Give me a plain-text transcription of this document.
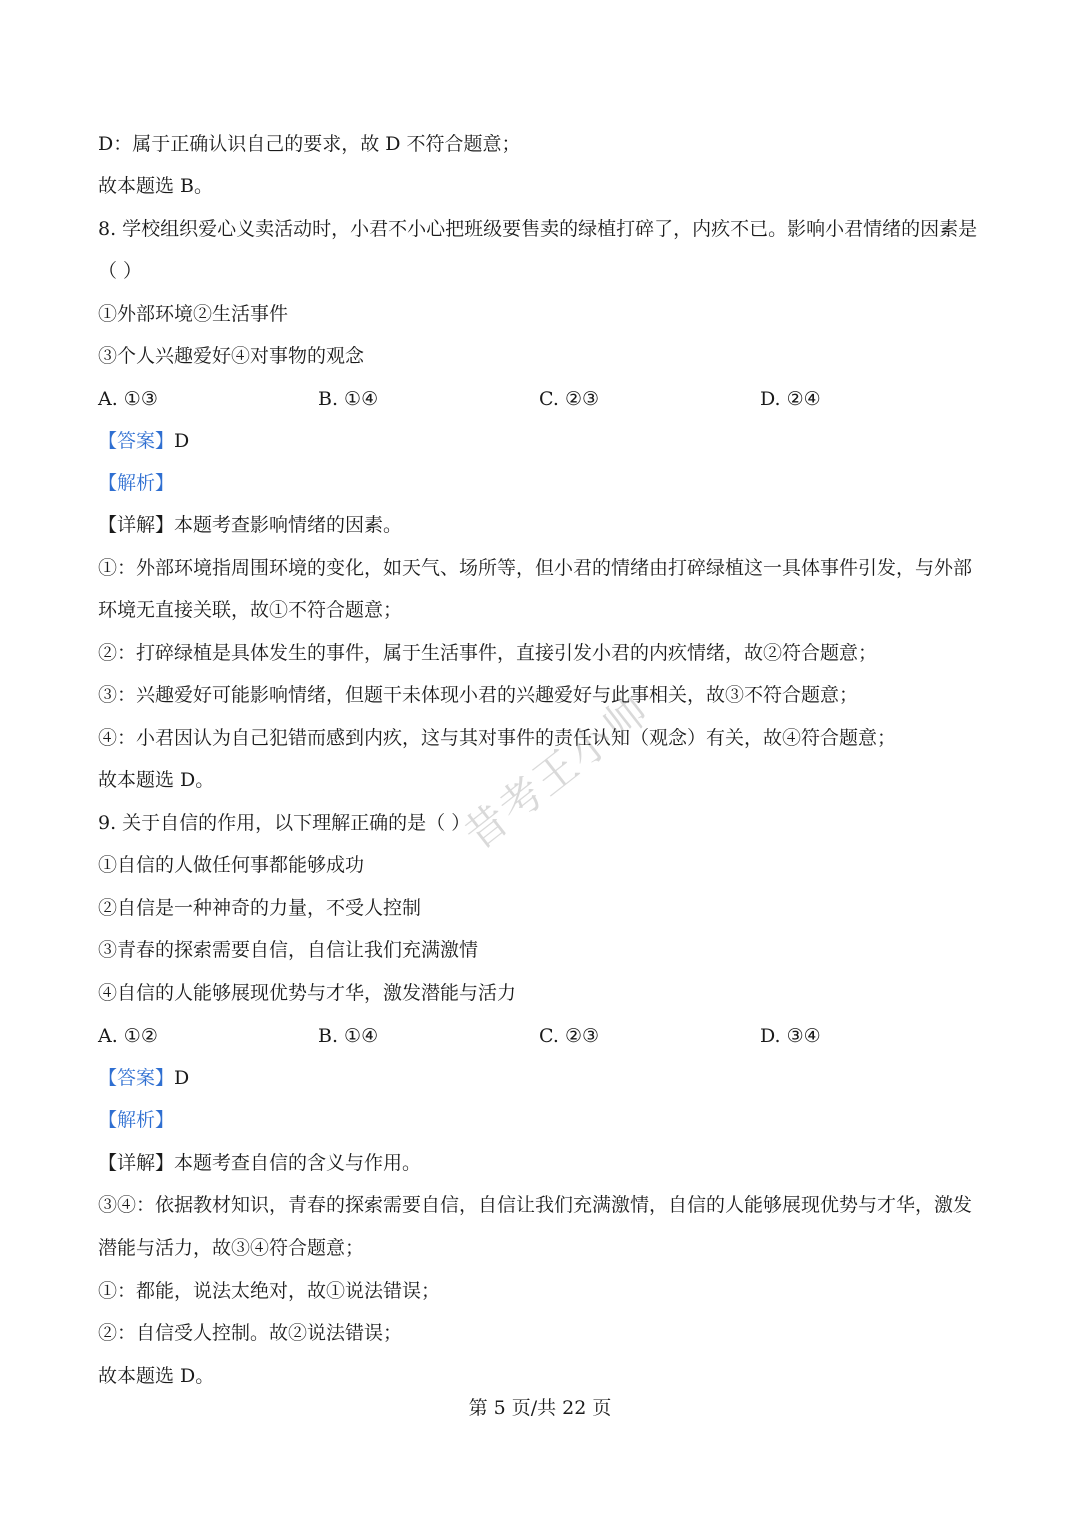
D：属于正确认识自己的要求，故 D 不符合题意；
故本题选 B。
8. 学校组织爱心义卖活动时，小君不小心把班级要售卖的绿植打碎了，内疚不已。影响小君情绪的因素是
（ ）
①外部环境②生活事件
③个人兴趣爱好④对事物的观念
A. ①③	B. ①④	C. ②③	D. ②④
【答案】D
【解析】
【详解】本题考查影响情绪的因素。
①：外部环境指周围环境的变化，如天气、场所等，但小君的情绪由打碎绿植这一具体事件引发，与外部
环境无直接关联，故①不符合题意；
②：打碎绿植是具体发生的事件，属于生活事件，直接引发小君的内疚情绪，故②符合题意；
③：兴趣爱好可能影响情绪，但题干未体现小君的兴趣爱好与此事相关，故③不符合题意；
④：小君因认为自己犯错而感到内疚，这与其对事件的责任认知（观念）有关，故④符合题意；
故本题选 D。
9. 关于自信的作用，以下理解正确的是（ ）
①自信的人做任何事都能够成功
②自信是一种神奇的力量，不受人控制
③青春的探索需要自信，自信让我们充满激情
④自信的人能够展现优势与才华，激发潜能与活力
A. ①②	B. ①④	C. ②③	D. ③④
【答案】D
【解析】
【详解】本题考查自信的含义与作用。
③④：依据教材知识，青春的探索需要自信，自信让我们充满激情，自信的人能够展现优势与才华，激发
潜能与活力，故③④符合题意；
①：都能，说法太绝对，故①说法错误；
②：自信受人控制。故②说法错误；
故本题选 D。
昔考王小帅
第 5 页/共 22 页
